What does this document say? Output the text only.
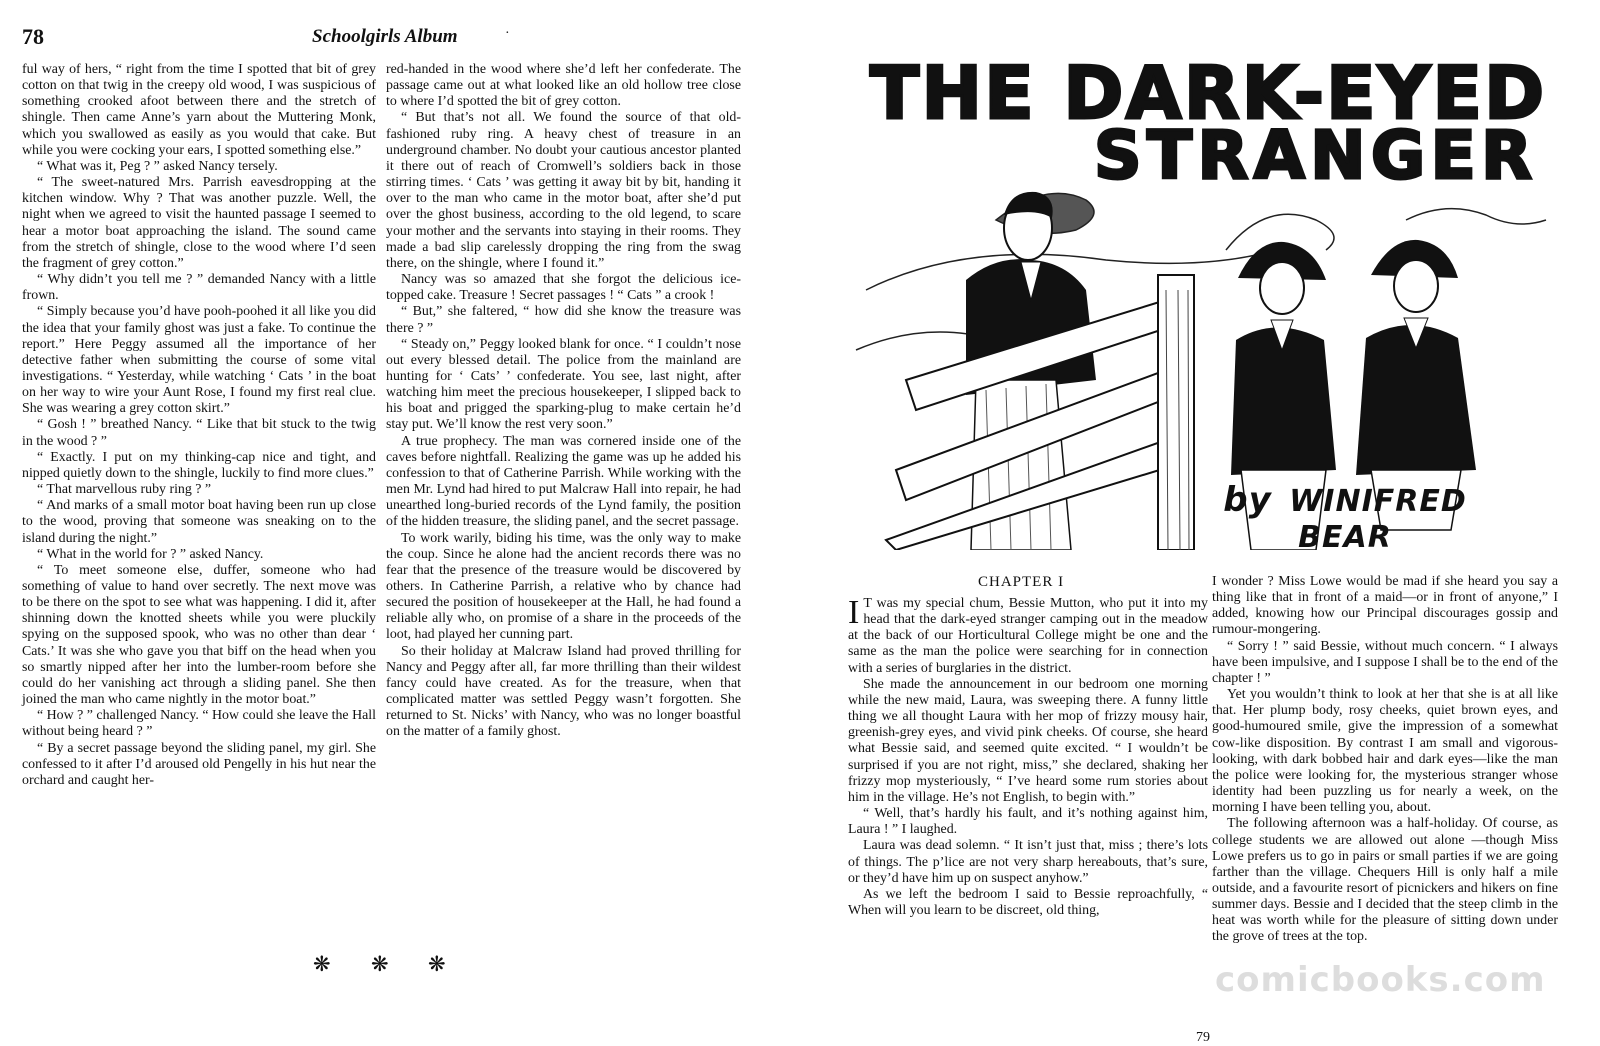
78	Schoolgirls Album	·

ful way of hers, “ right from the time I spotted that bit of grey cotton on that twig in the creepy old wood, I was suspicious of something crooked afoot between there and the stretch of shingle. Then came Anne’s yarn about the Muttering Monk, which you swallowed as easily as you would that cake. But while you were cocking your ears, I spotted something else.”

“ What was it, Peg ? ” asked Nancy tersely.

“ The sweet-natured Mrs. Parrish eavesdropping at the kitchen window. Why ? That was another puzzle. Well, the night when we agreed to visit the haunted passage I seemed to hear a motor boat approaching the island. The sound came from the stretch of shingle, close to the wood where I’d seen the fragment of grey cotton.”

“ Why didn’t you tell me ? ” demanded Nancy with a little frown.

“ Simply because you’d have pooh-poohed it all like you did the idea that your family ghost was just a fake. To continue the report.” Here Peggy assumed all the importance of her detective father when submitting the course of some vital investigations. “ Yesterday, while watching ‘ Cats ’ in the boat on her way to wire your Aunt Rose, I found my first real clue. She was wearing a grey cotton skirt.”

“ Gosh ! ” breathed Nancy. “ Like that bit stuck to the twig in the wood ? ”

“ Exactly. I put on my thinking-cap nice and tight, and nipped quietly down to the shingle, luckily to find more clues.”

“ That marvellous ruby ring ? ”

“ And marks of a small motor boat having been run up close to the wood, proving that someone was sneaking on to the island during the night.”

“ What in the world for ? ” asked Nancy.

“ To meet someone else, duffer, someone who had something of value to hand over secretly. The next move was to be there on the spot to see what was happening. I did it, after shinning down the knotted sheets while you were pluckily spying on the supposed spook, who was no other than dear ‘ Cats.’ It was she who gave you that biff on the head when you so smartly nipped after her into the lumber-room before she could do her vanishing act through a sliding panel. She then joined the man who came nightly in the motor boat.”

“ How ? ” challenged Nancy. “ How could she leave the Hall without being heard ? ”

“ By a secret passage beyond the sliding panel, my girl. She confessed to it after I’d aroused old Pengelly in his hut near the orchard and caught her-

red-handed in the wood where she’d left her confederate. The passage came out at what looked like an old hollow tree close to where I’d spotted the bit of grey cotton.

“ But that’s not all. We found the source of that old-fashioned ruby ring. A heavy chest of treasure in an underground chamber. No doubt your cautious ancestor planted it there out of reach of Cromwell’s soldiers back in those stirring times. ‘ Cats ’ was getting it away bit by bit, handing it over to the man who came in the motor boat, after she’d put over the ghost business, according to the old legend, to scare your mother and the servants into staying in their rooms. They made a bad slip carelessly dropping the ring from the swag there, on the shingle, where I found it.”

Nancy was so amazed that she forgot the delicious ice-topped cake. Treasure ! Secret passages ! “ Cats ” a crook !

“ But,” she faltered, “ how did she know the treasure was there ? ”

“ Steady on,” Peggy looked blank for once. “ I couldn’t nose out every blessed detail. The police from the mainland are hunting for ‘ Cats’ ’ confederate. You see, last night, after watching him meet the precious housekeeper, I slipped back to his boat and prigged the sparking-plug to make certain he’d stay put. We’ll know the rest very soon.”

A true prophecy. The man was cornered inside one of the caves before nightfall. Realizing the game was up he added his confession to that of Catherine Parrish. While working with the men Mr. Lynd had hired to put Malcraw Hall into repair, he had unearthed long-buried records of the Lynd family, the position of the hidden treasure, the sliding panel, and the secret passage.

To work warily, biding his time, was the only way to make the coup. Since he alone had the ancient records there was no fear that the presence of the treasure would be discovered by others. In Catherine Parrish, a relative who by chance had secured the position of housekeeper at the Hall, he had found a reliable ally who, on promise of a share in the proceeds of the loot, had played her cunning part.

So their holiday at Malcraw Island had proved thrilling for Nancy and Peggy after all, far more thrilling than their wildest fancy could have created. As for the treasure, when that complicated matter was settled Peggy wasn’t forgotten. She returned to St. Nicks’ with Nancy, who was no longer boastful on the matter of a family ghost.

❋ ❋ ❋
THE DARK-EYED
STRANGER
by WINIFRED BEAR
CHAPTER I

I T was my special chum, Bessie Mutton, who put it into my head that the dark-eyed stranger camping out in the meadow at the back of our Horticultural College might be one and the same as the man the police were searching for in connection with a series of burglaries in the district.

She made the announcement in our bedroom one morning while the new maid, Laura, was sweeping there. A funny little thing we all thought Laura with her mop of frizzy mousy hair, greenish-grey eyes, and vivid pink cheeks. Of course, she heard what Bessie said, and seemed quite excited. “ I wouldn’t be surprised if you are not right, miss,” she declared, shaking her frizzy mop mysteriously, “ I’ve heard some rum stories about him in the village. He’s not English, to begin with.”

“ Well, that’s hardly his fault, and it’s nothing against him, Laura ! ” I laughed.

Laura was dead solemn. “ It isn’t just that, miss ; there’s lots of things. The p’lice are not very sharp hereabouts, that’s sure, or they’d have him up on suspect anyhow.”

As we left the bedroom I said to Bessie reproachfully, “ When will you learn to be discreet, old thing,

I wonder ? Miss Lowe would be mad if she heard you say a thing like that in front of a maid—or in front of anyone,” I added, knowing how our Principal discourages gossip and rumour-mongering.

“ Sorry ! ” said Bessie, without much concern. “ I always have been impulsive, and I suppose I shall be to the end of the chapter ! ”

Yet you wouldn’t think to look at her that she is at all like that. Her plump body, rosy cheeks, quiet brown eyes, and good-humoured smile, give the impression of a somewhat cow-like disposition. By contrast I am small and vigorous-looking, with dark bobbed hair and dark eyes—like the man the police were looking for, the mysterious stranger whose identity had been puzzling us for nearly a week, on the morning I have been telling you, about.

The following afternoon was a half-holiday. Of course, as college students we are allowed out alone —though Miss Lowe prefers us to go in pairs or small parties if we are going farther than the village. Chequers Hill is only half a mile outside, and a favourite resort of picnickers and hikers on fine summer days. Bessie and I decided that the steep climb in the heat was worth while for the pleasure of sitting down under the grove of trees at the top.

79
comicbooks.com
